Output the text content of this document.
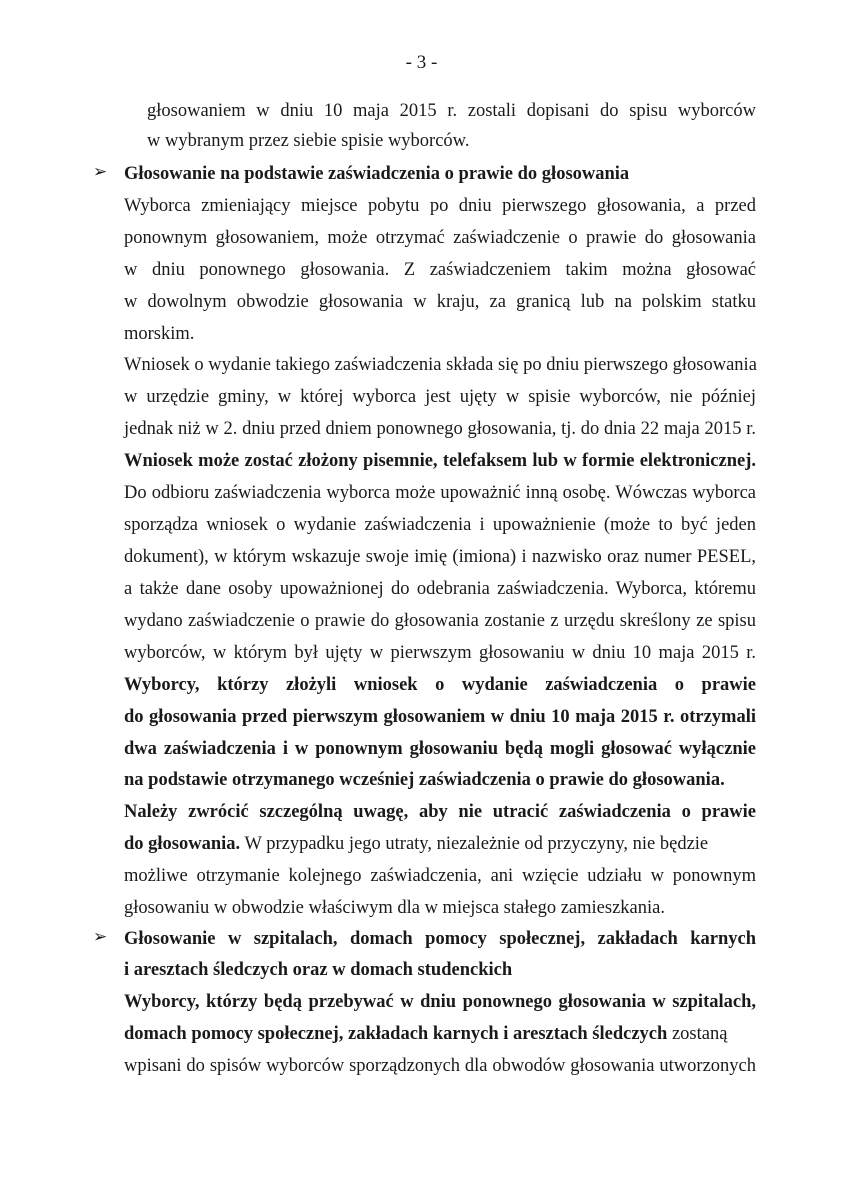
- 3 -
głosowaniem w dniu 10 maja 2015 r. zostali dopisani do spisu wyborców
w wybranym przez siebie spisie wyborców.
➢ Głosowanie na podstawie zaświadczenia o prawie do głosowania
Wyborca zmieniający miejsce pobytu po dniu pierwszego głosowania, a przed
ponownym głosowaniem, może otrzymać zaświadczenie o prawie do głosowania
w dniu ponownego głosowania. Z zaświadczeniem takim można głosować
w dowolnym obwodzie głosowania w kraju, za granicą lub na polskim statku
morskim.
Wniosek o wydanie takiego zaświadczenia składa się po dniu pierwszego głosowania
w urzędzie gminy, w której wyborca jest ujęty w spisie wyborców, nie później
jednak niż w 2. dniu przed dniem ponownego głosowania, tj. do dnia 22 maja 2015 r.
Wniosek może zostać złożony pisemnie, telefaksem lub w formie elektronicznej.
Do odbioru zaświadczenia wyborca może upoważnić inną osobę. Wówczas wyborca
sporządza wniosek o wydanie zaświadczenia i upoważnienie (może to być jeden
dokument), w którym wskazuje swoje imię (imiona) i nazwisko oraz numer PESEL,
a także dane osoby upoważnionej do odebrania zaświadczenia. Wyborca, któremu
wydano zaświadczenie o prawie do głosowania zostanie z urzędu skreślony ze spisu
wyborców, w którym był ujęty w pierwszym głosowaniu w dniu 10 maja 2015 r.
Wyborcy, którzy złożyli wniosek o wydanie zaświadczenia o prawie
do głosowania przed pierwszym głosowaniem w dniu 10 maja 2015 r. otrzymali
dwa zaświadczenia i w ponownym głosowaniu będą mogli głosować wyłącznie
na podstawie otrzymanego wcześniej zaświadczenia o prawie do głosowania.
Należy zwrócić szczególną uwagę, aby nie utracić zaświadczenia o prawie
do głosowania. W przypadku jego utraty, niezależnie od przyczyny, nie będzie
możliwe otrzymanie kolejnego zaświadczenia, ani wzięcie udziału w ponownym
głosowaniu w obwodzie właściwym dla w miejsca stałego zamieszkania.
➢ Głosowanie w szpitalach, domach pomocy społecznej, zakładach karnych
i aresztach śledczych oraz w domach studenckich
Wyborcy, którzy będą przebywać w dniu ponownego głosowania w szpitalach,
domach pomocy społecznej, zakładach karnych i aresztach śledczych zostaną
wpisani do spisów wyborców sporządzonych dla obwodów głosowania utworzonych
